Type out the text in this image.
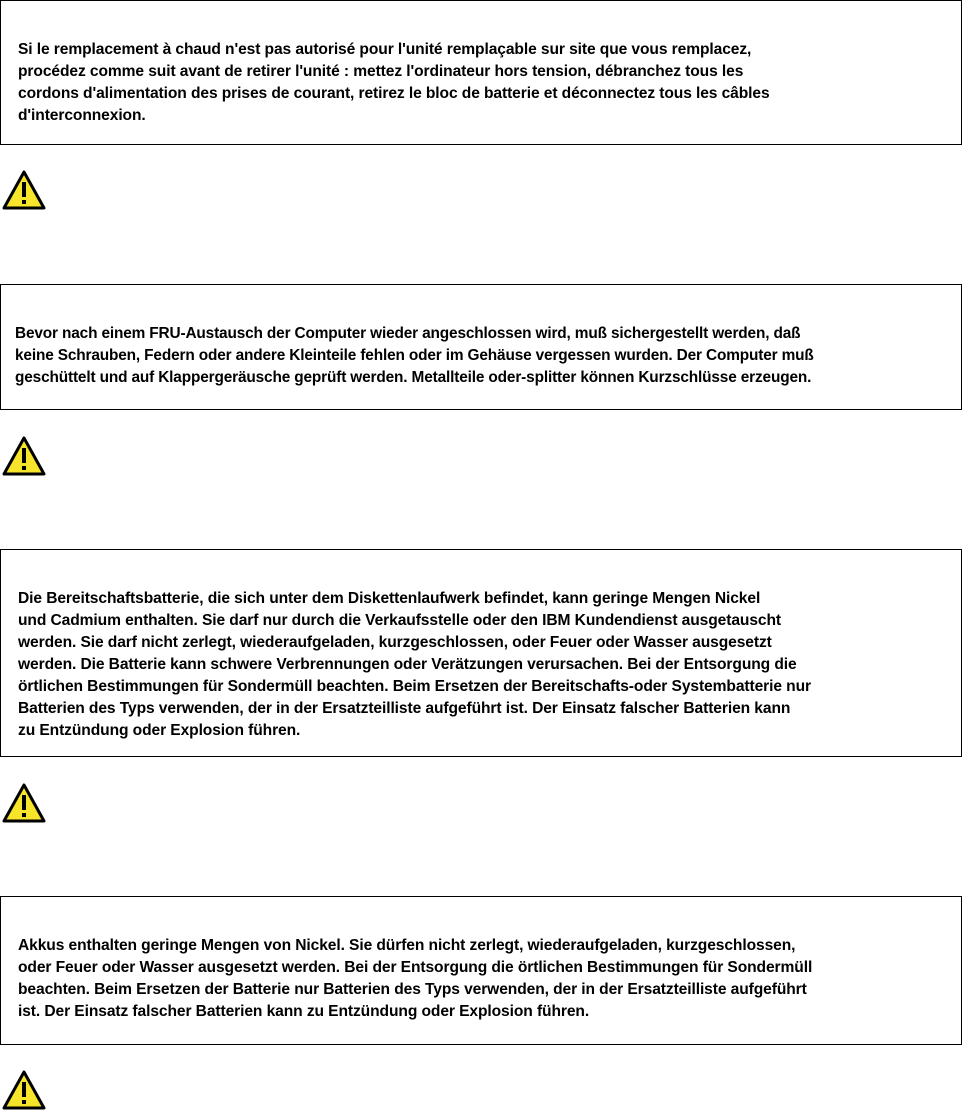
Si le remplacement à chaud n'est pas autorisé pour l'unité remplaçable sur site que vous remplacez,
procédez comme suit avant de retirer l'unité : mettez l'ordinateur hors tension, débranchez tous les
cordons d'alimentation des prises de courant, retirez le bloc de batterie et déconnectez tous les câbles
d'interconnexion.

Bevor nach einem FRU-Austausch der Computer wieder angeschlossen wird, muß sichergestellt werden, daß
keine Schrauben, Federn oder andere Kleinteile fehlen oder im Gehäuse vergessen wurden. Der Computer muß
geschüttelt und auf Klappergeräusche geprüft werden. Metallteile oder-splitter können Kurzschlüsse erzeugen.

Die Bereitschaftsbatterie, die sich unter dem Diskettenlaufwerk befindet, kann geringe Mengen Nickel
und Cadmium enthalten. Sie darf nur durch die Verkaufsstelle oder den IBM Kundendienst ausgetauscht
werden. Sie darf nicht zerlegt, wiederaufgeladen, kurzgeschlossen, oder Feuer oder Wasser ausgesetzt
werden. Die Batterie kann schwere Verbrennungen oder Verätzungen verursachen. Bei der Entsorgung die
örtlichen Bestimmungen für Sondermüll beachten. Beim Ersetzen der Bereitschafts-oder Systembatterie nur
Batterien des Typs verwenden, der in der Ersatzteilliste aufgeführt ist. Der Einsatz falscher Batterien kann
zu Entzündung oder Explosion führen.

Akkus enthalten geringe Mengen von Nickel. Sie dürfen nicht zerlegt, wiederaufgeladen, kurzgeschlossen,
oder Feuer oder Wasser ausgesetzt werden. Bei der Entsorgung die örtlichen Bestimmungen für Sondermüll
beachten. Beim Ersetzen der Batterie nur Batterien des Typs verwenden, der in der Ersatzteilliste aufgeführt
ist. Der Einsatz falscher Batterien kann zu Entzündung oder Explosion führen.
